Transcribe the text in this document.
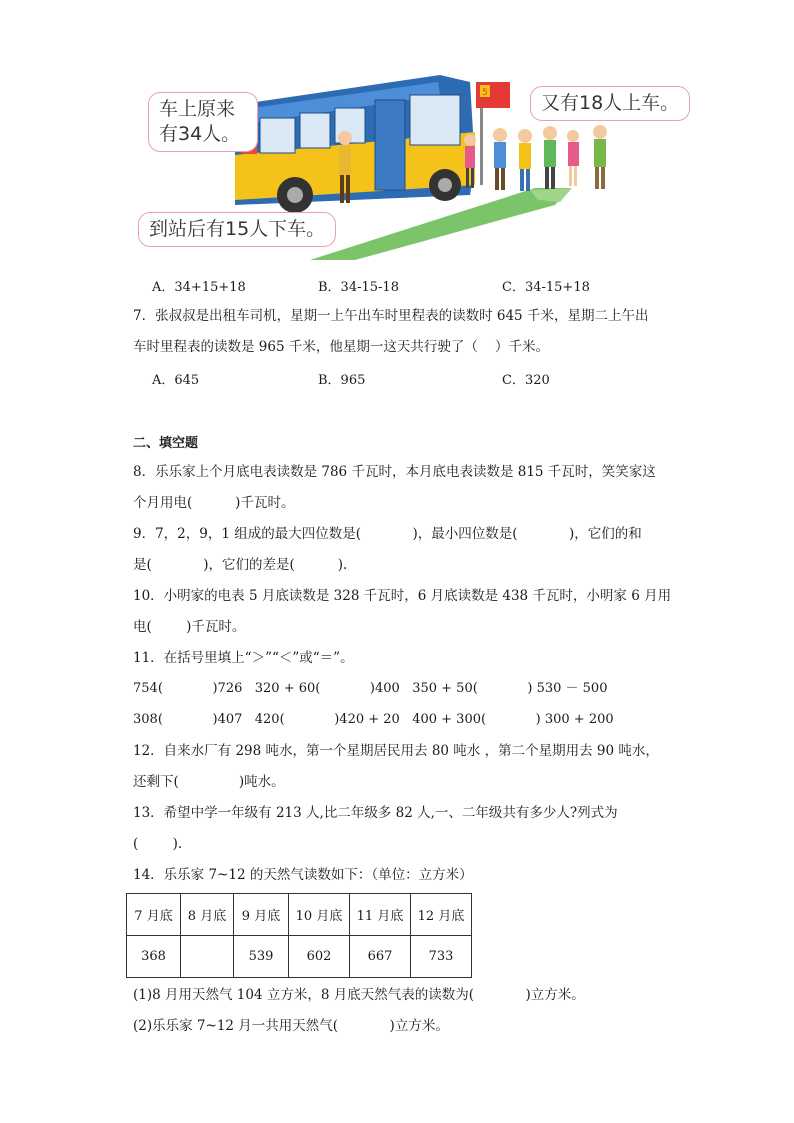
5
车上原来
有34人。
又有18人上车。
到站后有15人下车。
A．34+15+18	B．34-15-18	C．34-15+18
7．张叔叔是出租车司机，星期一上午出车时里程表的读数时 645 千米，星期二上午出
车时里程表的读数是 965 千米，他星期一这天共行驶了（    ）千米。
A．645	B．965	C．320
二、填空题
8．乐乐家上个月底电表读数是 786 千瓦时，本月底电表读数是 815 千瓦时，笑笑家这
个月用电(          )千瓦时。
9．7，2，9，1 组成的最大四位数是(            )，最小四位数是(            )，它们的和
是(            )，它们的差是(          ).
10．小明家的电表 5 月底读数是 328 千瓦时，6 月底读数是 438 千瓦时，小明家 6 月用
电(        )千瓦时。
11．在括号里填上“＞”“＜”或“＝”。
754(            )726   320 + 60(            )400   350 + 50(            ) 530 － 500
308(            )407   420(            )420 + 20   400 + 300(            ) 300 + 200
12．自来水厂有 298 吨水，第一个星期居民用去 80 吨水 ，第二个星期用去 90 吨水，
还剩下(              )吨水。
13．希望中学一年级有 213 人,比二年级多 82 人,一、二年级共有多少人?列式为
(        ).
14．乐乐家 7~12 的天然气读数如下：（单位：立方米）
7 月底	8 月底	9 月底	10 月底	11 月底	12 月底
368		539	602	667	733
(1)8 月用天然气 104 立方米，8 月底天然气表的读数为(            )立方米。
(2)乐乐家 7~12 月一共用天然气(            )立方米。
